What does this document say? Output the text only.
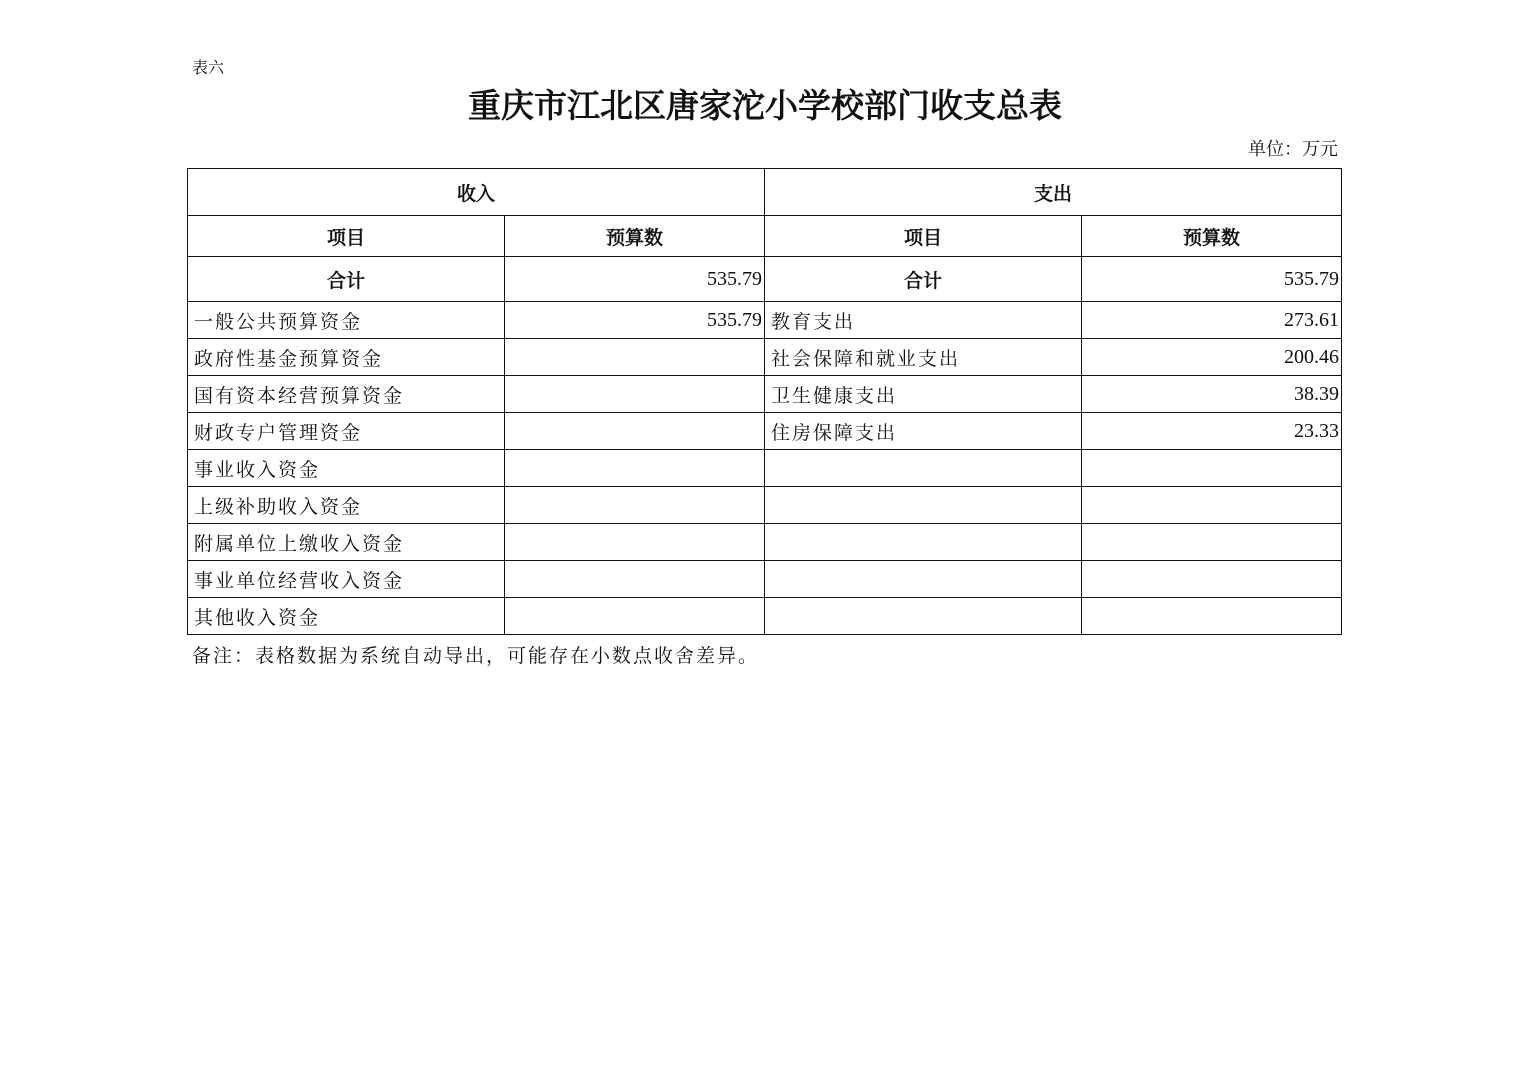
表六
重庆市江北区唐家沱小学校部门收支总表
单位：万元
收入		支出	
项目	预算数	项目	预算数
合计	535.79	合计	535.79
一般公共预算资金	535.79	教育支出	273.61
政府性基金预算资金		社会保障和就业支出	200.46
国有资本经营预算资金		卫生健康支出	38.39
财政专户管理资金		住房保障支出	23.33
事业收入资金			
上级补助收入资金			
附属单位上缴收入资金			
事业单位经营收入资金			
其他收入资金			
备注：表格数据为系统自动导出，可能存在小数点收舍差异。
